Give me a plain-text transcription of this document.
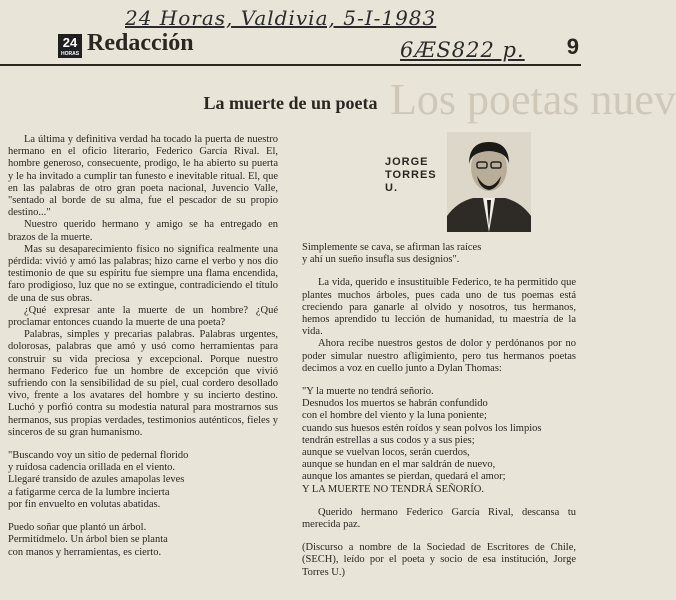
Los poetas nuev
24 Horas, Valdivia, 5-I-1983
6ÆS822 p. 9
24
HORAS Redacción
La muerte de un poeta

La última y definitiva verdad ha tocado la puerta de nuestro hermano en el oficio literario, Federico García Rival. El, hombre generoso, consecuente, prodigo, le ha abierto su puerta y le ha invitado a cumplir tan funesto e inevitable ritual. El, que en las palabras de otro gran poeta nacional, Juvencio Valle, "sentado al borde de su alma, fue el pescador de su propio destino..."

Nuestro querido hermano y amigo se ha entregado en brazos de la muerte.

Mas su desaparecimiento físico no significa realmente una pérdida: vivió y amó las palabras; hizo carne el verbo y nos dio testimonio de que su espíritu fue siempre una flama encendida, faro prodigioso, luz que no se extingue, contradiciendo el título de una de sus obras.

¿Qué expresar ante la muerte de un hombre? ¿Qué proclamar entonces cuando la muerte de una poeta?

Palabras, simples y precarias palabras. Palabras urgentes, dolorosas, palabras que amó y usó como herramientas para construir su vida preciosa y excepcional. Porque nuestro hermano Federico fue un hombre de excepción que vivió sufriendo con la sensibilidad de su piel, cual cordero desollado vivo, frente a los avatares del hombre y su incierto destino. Luchó y porfió contra su modestia natural para mostrarnos sus hermanos, sus propias verdades, testimonios auténticos, fieles y sinceros de su gran humanismo.

"Buscando voy un sitio de pedernal florido

y ruidosa cadencia orillada en el viento.

Llegaré transido de azules amapolas leves

a fatigarme cerca de la lumbre incierta

por fin envuelto en volutas abatidas.

Puedo soñar que plantó un árbol.

Permitídmelo. Un árbol bien se planta

con manos y herramientas, es cierto.

JORGE
TORRES
U.

Simplemente se cava, se afirman las raíces

y ahí un sueño insufla sus designios".

La vida, querido e insustituible Federico, te ha permitido que plantes muchos árboles, pues cada uno de tus poemas está creciendo para ganarle al olvido y nosotros, tus hermanos, hemos aprendido tu lección de humanidad, tu maestría de la vida.

Ahora recibe nuestros gestos de dolor y perdónanos por no poder simular nuestro afligimiento, pero tus hermanos poetas decimos a voz en cuello junto a Dylan Thomas:

"Y la muerte no tendrá señorío.

Desnudos los muertos se habrán confundido

con el hombre del viento y la luna poniente;

cuando sus huesos estén roídos y sean polvos los limpios

tendrán estrellas a sus codos y a sus pies;

aunque se vuelvan locos, serán cuerdos,

aunque se hundan en el mar saldrán de nuevo,

aunque los amantes se pierdan, quedará el amor;

Y LA MUERTE NO TENDRÁ SEÑORÍO.

Querido hermano Federico García Rival, descansa tu merecida paz.

(Discurso a nombre de la Sociedad de Escritores de Chile, (SECH), leído por el poeta y socio de esa institución, Jorge Torres U.)
